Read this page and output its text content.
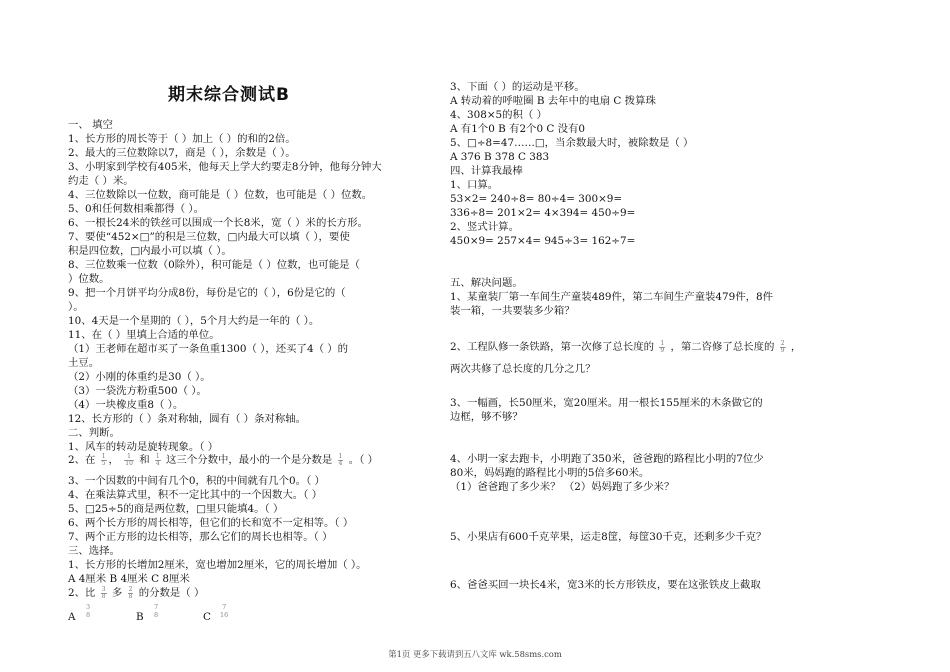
期末综合测试B
一、 填空
1、长方形的周长等于（ ）加上（ ）的和的2倍。
2、最大的三位数除以7，商是（ ），余数是（ ）。
3、小明家到学校有405米，他每天上学大约要走8分钟，他每分钟大
约走（ ）米。
4、三位数除以一位数，商可能是（ ）位数，也可能是（ ）位数。
5、0和任何数相乘都得（ ）。
6、一根长24米的铁丝可以围成一个长8米，宽（ ）米的长方形。
7、要使“452×□”的积是三位数，□内最大可以填（ ），要使
积是四位数，□内最小可以填（ ）。
8、三位数乘一位数（0除外），积可能是（ ）位数，也可能是（
）位数。
9、把一个月饼平均分成8份，每份是它的（ ），6份是它的（
）。
10、4天是一个星期的（ ），5个月大约是一年的（ ）。
11、在（ ）里填上合适的单位。
（1）王老师在超市买了一条鱼重1300（ ），还买了4（ ）的
土豆。
（2）小刚的体重约是30（ ）。
（3）一袋洗方粉重500（ ）。
（4）一块橡皮重8（ ）。
12、长方形的（ ）条对称轴，圆有（ ）条对称轴。
二、判断。
1、风车的转动是旋转现象。（ ）
2、在 $\frac{1}{5}$ ， $\frac{1}{10}$ 和 $\frac{1}{4}$ 这三个分数中，最小的一个是分数是 $\frac{1}{4}$ 。（ ）
3、一个因数的中间有几个0，积的中间就有几个0。（ ）
4、在乘法算式里，积不一定比其中的一个因数大。（ ）
5、□25÷5的商是两位数，□里只能填4。（ ）
6、两个长方形的周长相等，但它们的长和宽不一定相等。（ ）
7、两个正方形的边长相等，那么它们的周长也相等。（ ）
三、选择。
1、长方形的长增加2厘米，宽也增加2厘米，它的周长增加（ ）。
A 4厘米 B 4厘米 C 8厘米
2、比 $\frac{3}{8}$ 多 $\frac{2}{8}$ 的分数是（ ）
A
3
8	B
7
8	C
7
16
3、下面（ ）的运动是平移。
A 转动着的呼啦圈 B 去年中的电扇 C 拨算珠
4、308×5的积（ ）
A 有1个0 B 有2个0 C 没有0
5、□÷8=47……□，当余数最大时，被除数是（ ）
A 376 B 378 C 383
四、计算我最棒
1、口算。
53×2= 240÷8= 80÷4= 300×9=
336÷8= 201×2= 4×394= 450÷9=
2、竖式计算。
450×9= 257×4= 945÷3= 162÷7=
五、解决问题。
1、某童装厂第一车间生产童装489件，第二车间生产童装479件，8件
装一箱，一共要装多少箱？
2、工程队修一条铁路，第一次修了总长度的 $\frac{1}{9}$ ，第二咨修了总长度的 $\frac{2}{9}$ ，
两次共修了总长度的几分之几？
3、一幅画，长50厘米，宽20厘米。用一根长155厘米的木条做它的
边框，够不够？
4、小明一家去跑卡，小明跑了350米，爸爸跑的路程比小明的7位少
80米，妈妈跑的路程比小明的5倍多60米。
（1）爸爸跑了多少米？ （2）妈妈跑了多少米？
5、小果店有600千克苹果，运走8筐，每筐30千克，还剩多少千克？
6、爸爸买回一块长4米，宽3米的长方形铁皮，要在这张铁皮上截取
第1页 更多下载请到五八文库 wk.58sms.com
